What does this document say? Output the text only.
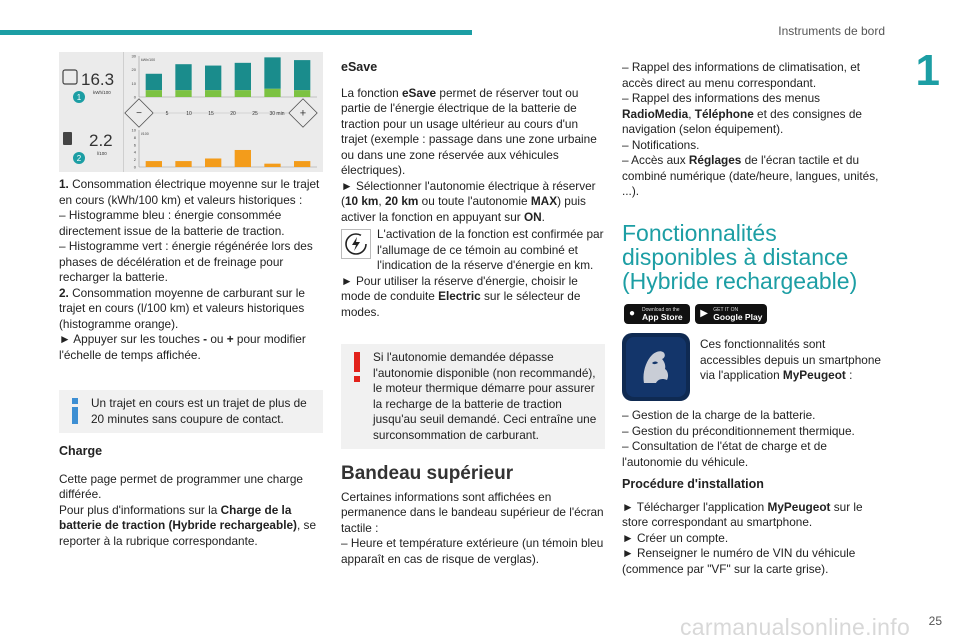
Instruments de bord
1
16.3
kWh/100
1
2.2
l/100
2
kWh/100
30
20
10
0
l/100
10
8
6
4
2
0
−	+
5	10	15	20	25 30 min

1. Consommation électrique moyenne sur le trajet en cours (kWh/100 km) et valeurs historiques :

– Histogramme bleu : énergie consommée directement issue de la batterie de traction.

– Histogramme vert : énergie régénérée lors des phases de décélération et de freinage pour recharger la batterie.

2. Consommation moyenne de carburant sur le trajet en cours (l/100 km) et valeurs historiques (histogramme orange).

► Appuyer sur les touches - ou + pour modifier l'échelle de temps affichée.

Un trajet en cours est un trajet de plus de 20 minutes sans coupure de contact.

Charge

Cette page permet de programmer une charge différée.

Pour plus d'informations sur la Charge de la batterie de traction (Hybride rechargeable), se reporter à la rubrique correspondante.

eSave

La fonction eSave permet de réserver tout ou partie de l'énergie électrique de la batterie de traction pour un usage ultérieur au cours d'un trajet (exemple : passage dans une zone urbaine ou dans une zone réservée aux véhicules électriques).

► Sélectionner l'autonomie électrique à réserver (10 km, 20 km ou toute l'autonomie MAX) puis activer la fonction en appuyant sur ON.

L'activation de la fonction est confirmée par l'allumage de ce témoin au combiné et l'indication de la réserve d'énergie en km.

► Pour utiliser la réserve d'énergie, choisir le mode de conduite Electric sur le sélecteur de modes.

Si l'autonomie demandée dépasse l'autonomie disponible (non recommandé), le moteur thermique démarre pour assurer la recharge de la batterie de traction jusqu'au seuil demandé. Ceci entraîne une surconsommation de carburant.

Bandeau supérieur

Certaines informations sont affichées en permanence dans le bandeau supérieur de l'écran tactile :

– Heure et température extérieure (un témoin bleu apparaît en cas de risque de verglas).

– Rappel des informations de climatisation, et accès direct au menu correspondant.

– Rappel des informations des menus RadioMedia, Téléphone et des consignes de navigation (selon équipement).

– Notifications.

– Accès aux Réglages de l'écran tactile et du combiné numérique (date/heure, langues, unités, ...).

Fonctionnalités disponibles à distance (Hybride rechargeable)

● Download on the
App Store
▶ GET IT ON
Google Play

Ces fonctionnalités sont accessibles depuis un smartphone via l'application MyPeugeot :

– Gestion de la charge de la batterie.

– Gestion du préconditionnement thermique.

– Consultation de l'état de charge et de l'autonomie du véhicule.

Procédure d'installation

► Télécharger l'application MyPeugeot sur le store correspondant au smartphone.

► Créer un compte.

► Renseigner le numéro de VIN du véhicule (commence par "VF" sur la carte grise).

carmanualsonline.info 25
